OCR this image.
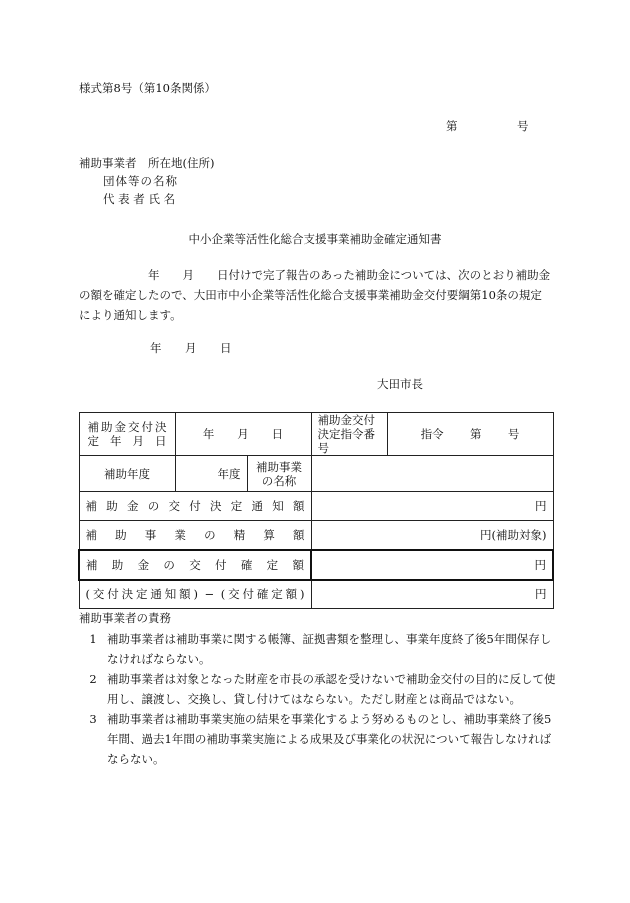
様式第8号（第10条関係）
第	号
補助事業者　所在地(住所)
団体等の名称
代 表 者 氏 名
中小企業等活性化総合支援事業補助金確定通知書
　　　　　　年　　月　　日付けで完了報告のあった補助金については、次のとおり補助金の額を確定したので、大田市中小企業等活性化総合支援事業補助金交付要綱第10条の規定により通知します。
年 月 日
大田市長
補助金交付決定年月日	年 月 日		補助金交付決定指令番号	指令 第 号

補助年度	年度	補助事業の名称		
補助金の交付決定通知額			円	
補助事業の精算額			円(補助対象)	
補助金の交付確定額			円	
(交付決定通知額) − (交付確定額)			円	
補助事業者の責務
1 補助事業者は補助事業に関する帳簿、証拠書類を整理し、事業年度終了後5年間保存しなければならない。
2 補助事業者は対象となった財産を市長の承認を受けないで補助金交付の目的に反して使用し、譲渡し、交換し、貸し付けてはならない。ただし財産とは商品ではない。
3 補助事業者は補助事業実施の結果を事業化するよう努めるものとし、補助事業終了後5年間、過去1年間の補助事業実施による成果及び事業化の状況について報告しなければならない。
